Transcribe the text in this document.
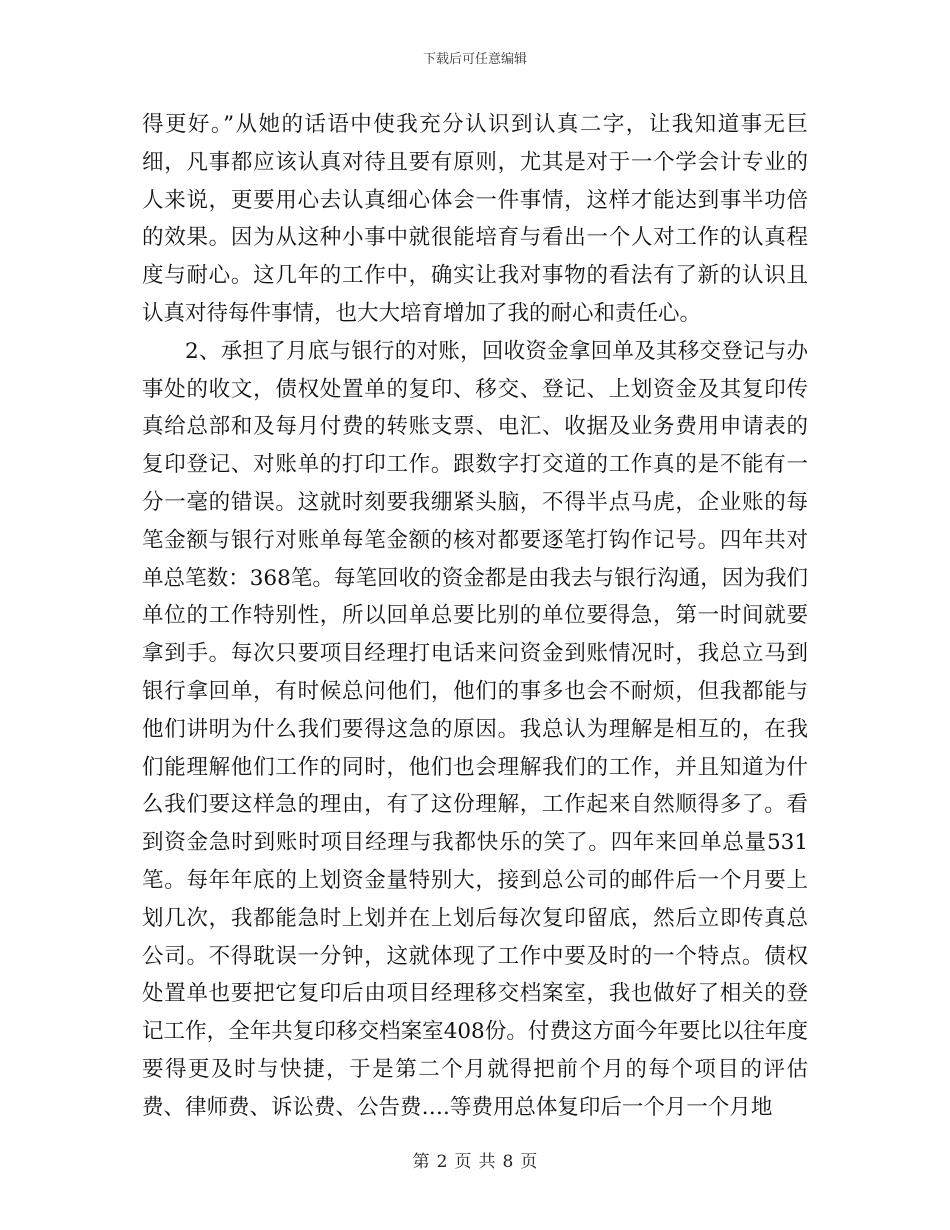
下载后可任意编辑

得更好。”从她的话语中使我充分认识到认真二字，让我知道事无巨细，凡事都应该认真对待且要有原则，尤其是对于一个学会计专业的人来说，更要用心去认真细心体会一件事情，这样才能达到事半功倍的效果。因为从这种小事中就很能培育与看出一个人对工作的认真程度与耐心。这几年的工作中，确实让我对事物的看法有了新的认识且认真对待每件事情，也大大培育增加了我的耐心和责任心。

2、承担了月底与银行的对账，回收资金拿回单及其移交登记与办事处的收文，债权处置单的复印、移交、登记、上划资金及其复印传真给总部和及每月付费的转账支票、电汇、收据及业务费用申请表的复印登记、对账单的打印工作。跟数字打交道的工作真的是不能有一分一毫的错误。这就时刻要我绷紧头脑，不得半点马虎，企业账的每笔金额与银行对账单每笔金额的核对都要逐笔打钩作记号。四年共对单总笔数：368笔。每笔回收的资金都是由我去与银行沟通，因为我们单位的工作特别性，所以回单总要比别的单位要得急，第一时间就要拿到手。每次只要项目经理打电话来问资金到账情况时，我总立马到银行拿回单，有时候总问他们，他们的事多也会不耐烦，但我都能与他们讲明为什么我们要得这急的原因。我总认为理解是相互的，在我们能理解他们工作的同时，他们也会理解我们的工作，并且知道为什么我们要这样急的理由，有了这份理解，工作起来自然顺得多了。看到资金急时到账时项目经理与我都快乐的笑了。四年来回单总量531笔。每年年底的上划资金量特别大，接到总公司的邮件后一个月要上划几次，我都能急时上划并在上划后每次复印留底，然后立即传真总公司。不得耽误一分钟，这就体现了工作中要及时的一个特点。债权处置单也要把它复印后由项目经理移交档案室，我也做好了相关的登记工作，全年共复印移交档案室408份。付费这方面今年要比以往年度要得更及时与快捷，于是第二个月就得把前个月的每个项目的评估费、律师费、诉讼费、公告费….等费用总体复印后一个月一个月地

第 2 页 共 8 页
